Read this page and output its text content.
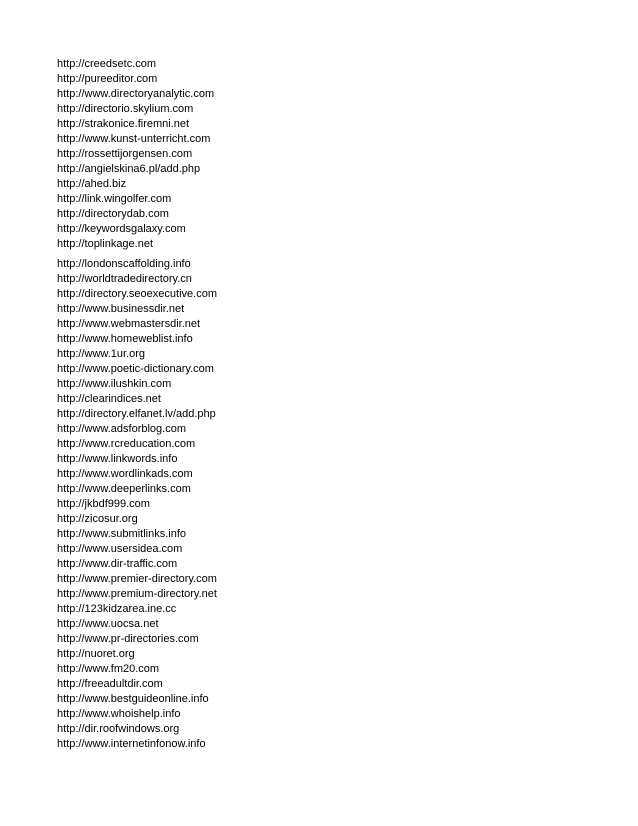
http://creedsetc.com
http://pureeditor.com
http://www.directoryanalytic.com
http://directorio.skylium.com
http://strakonice.firemni.net
http://www.kunst-unterricht.com
http://rossettijorgensen.com
http://angielskina6.pl/add.php
http://ahed.biz
http://link.wingolfer.com
http://directorydab.com
http://keywordsgalaxy.com
http://toplinkage.net
http://londonscaffolding.info
http://worldtradedirectory.cn
http://directory.seoexecutive.com
http://www.businessdir.net
http://www.webmastersdir.net
http://www.homeweblist.info
http://www.1ur.org
http://www.poetic-dictionary.com
http://www.ilushkin.com
http://clearindices.net
http://directory.elfanet.lv/add.php
http://www.adsforblog.com
http://www.rcreducation.com
http://www.linkwords.info
http://www.wordlinkads.com
http://www.deeperlinks.com
http://jkbdf999.com
http://zicosur.org
http://www.submitlinks.info
http://www.usersidea.com
http://www.dir-traffic.com
http://www.premier-directory.com
http://www.premium-directory.net
http://123kidzarea.ine.cc
http://www.uocsa.net
http://www.pr-directories.com
http://nuoret.org
http://www.fm20.com
http://freeadultdir.com
http://www.bestguideonline.info
http://www.whoishelp.info
http://dir.roofwindows.org
http://www.internetinfonow.info
